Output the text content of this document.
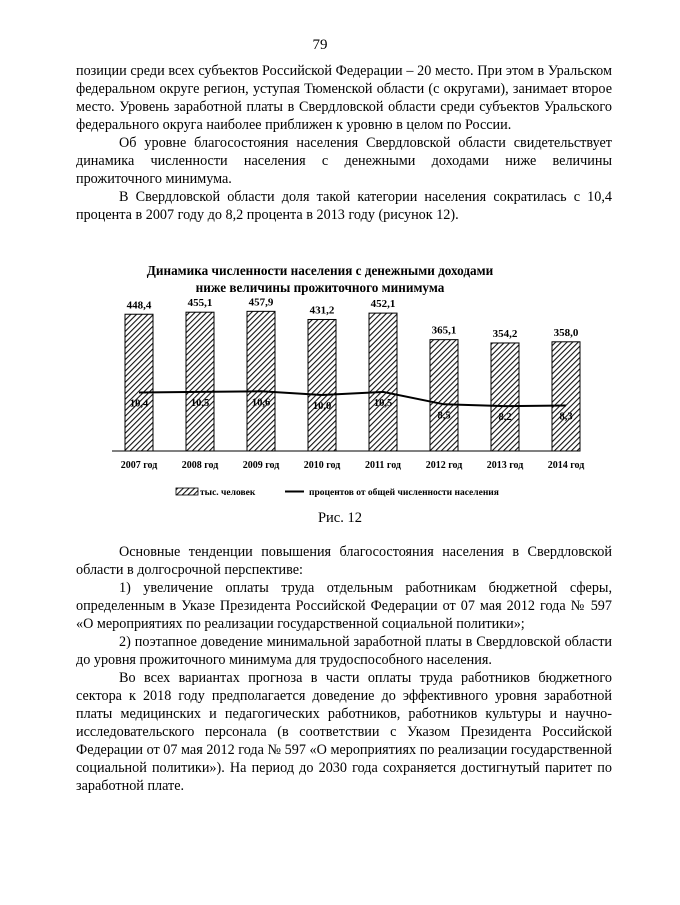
79

позиции среди всех субъектов Российской Федерации – 20 место. При этом в Уральском федеральном округе регион, уступая Тюменской области (с округами), занимает второе место. Уровень заработной платы в Свердловской области среди субъектов Уральского федерального округа наиболее приближен к уровню в целом по России.

Об уровне благосостояния населения Свердловской области свидетельствует динамика численности населения с денежными доходами ниже величины прожиточного минимума.

В Свердловской области доля такой категории населения сократилась с 10,4 процента в 2007 году до 8,2 процента в 2013 году (рисунок 12).

Динамика численности населения с денежными доходами
ниже величины прожиточного минимума
448,4
2007 год
455,1
2008 год
457,9
2009 год
431,2
2010 год
452,1
2011 год
365,1
2012 год
354,2
2013 год
358,0
2014 год
10,4	10,5	10,6	10,0	10,5
8,5	8,2	8,3
тыс. человек	процентов от общей численности населения
Рис. 12

Основные тенденции повышения благосостояния населения в Свердловской области в долгосрочной перспективе:

1) увеличение оплаты труда отдельным работникам бюджетной сферы, определенным в Указе Президента Российской Федерации от 07 мая 2012 года № 597 «О мероприятиях по реализации государственной социальной политики»;

2) поэтапное доведение минимальной заработной платы в Свердловской области до уровня прожиточного минимума для трудоспособного населения.

Во всех вариантах прогноза в части оплаты труда работников бюджетного сектора к 2018 году предполагается доведение до эффективного уровня заработной платы медицинских и педагогических работников, работников культуры и научно-исследовательского персонала (в соответствии с Указом Президента Российской Федерации от 07 мая 2012 года № 597 «О мероприятиях по реализации государственной социальной политики»). На период до 2030 года сохраняется достигнутый паритет по заработной плате.
